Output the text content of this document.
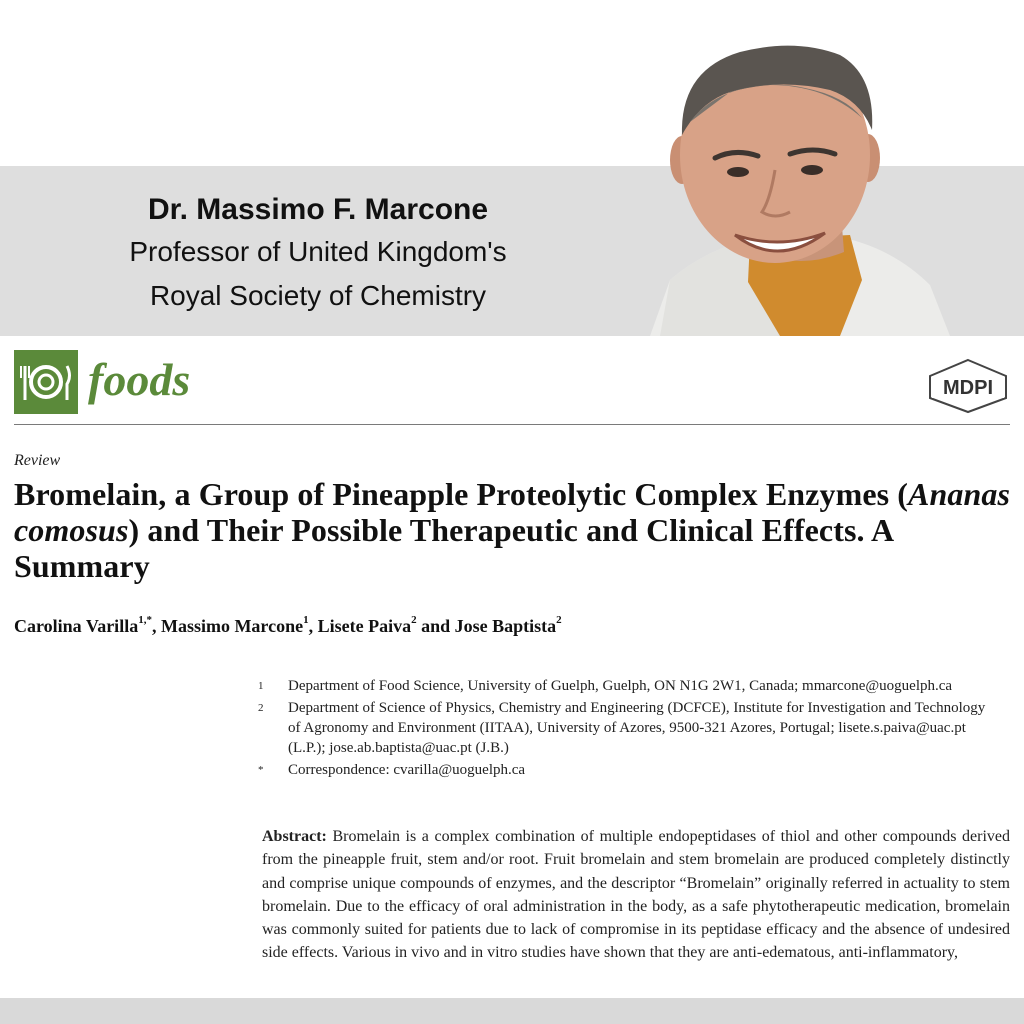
Dr. Massimo F. Marcone
Professor of United Kingdom's
Royal Society of Chemistry
foods	MDPI
Review
Bromelain, a Group of Pineapple Proteolytic Complex Enzymes (Ananas comosus) and Their Possible Therapeutic and Clinical Effects. A Summary
Carolina Varilla$^{1,*}$, Massimo Marcone$^1$, Lisete Paiva$^2$ and Jose Baptista$^2$
1	Department of Food Science, University of Guelph, Guelph, ON N1G 2W1, Canada; mmarcone@uoguelph.ca
2	Department of Science of Physics, Chemistry and Engineering (DCFCE), Institute for Investigation and Technology of Agronomy and Environment (IITAA), University of Azores, 9500-321 Azores, Portugal; lisete.s.paiva@uac.pt (L.P.); jose.ab.baptista@uac.pt (J.B.)
*	Correspondence: cvarilla@uoguelph.ca
Abstract: Bromelain is a complex combination of multiple endopeptidases of thiol and other compounds derived from the pineapple fruit, stem and/or root. Fruit bromelain and stem bromelain are produced completely distinctly and comprise unique compounds of enzymes, and the descriptor “Bromelain” originally referred in actuality to stem bromelain. Due to the efficacy of oral administration in the body, as a safe phytotherapeutic medication, bromelain was commonly suited for patients due to lack of compromise in its peptidase efficacy and the absence of undesired side effects. Various in vivo and in vitro studies have shown that they are anti-edematous, anti-inflammatory,
